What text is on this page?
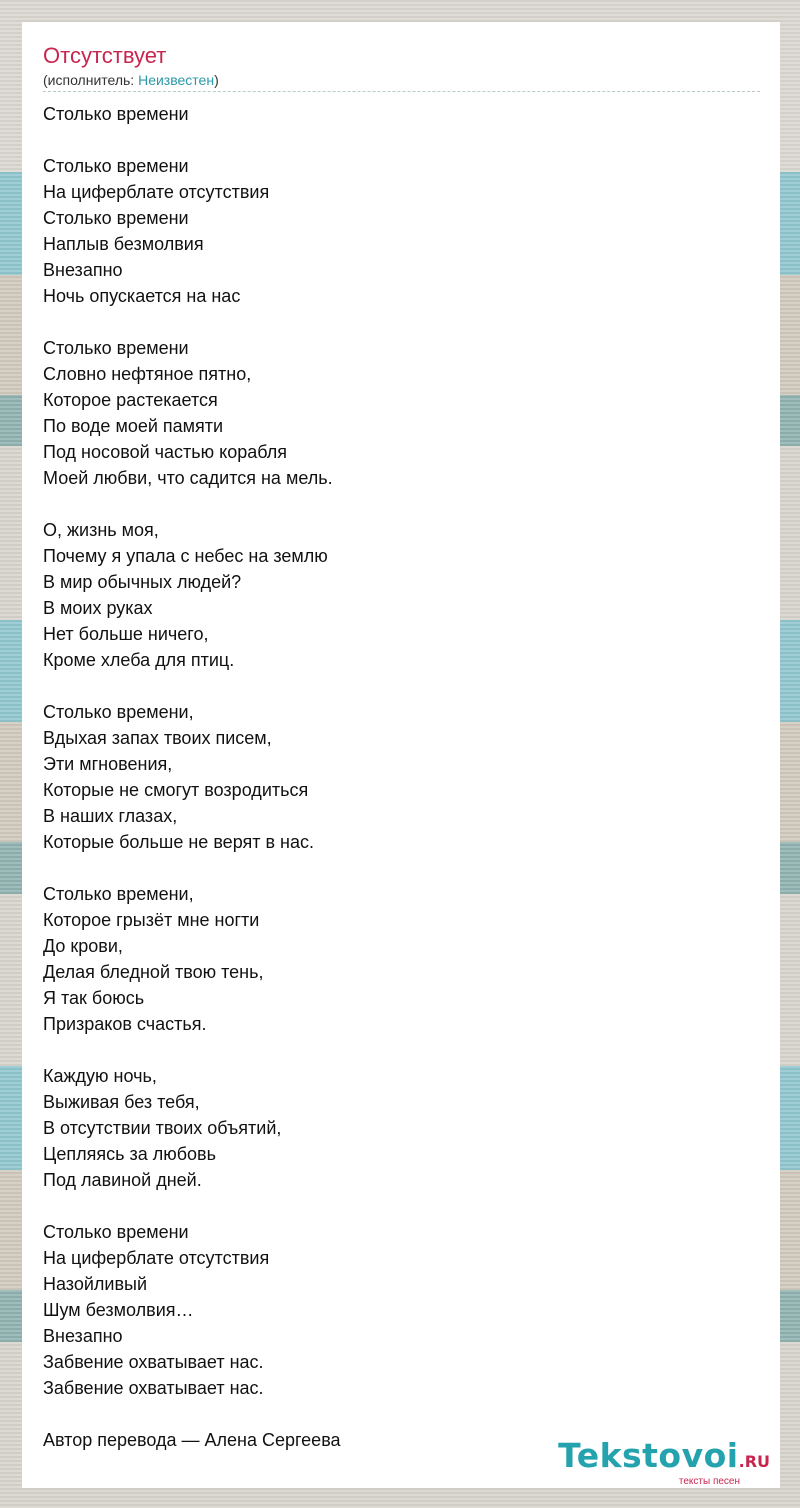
Отсутствует
(исполнитель: Неизвестен)
Столько времени
Столько времени
На циферблате отсутствия
Столько времени
Наплыв безмолвия
Внезапно
Ночь опускается на нас
Столько времени
Словно нефтяное пятно,
Которое растекается
По воде моей памяти
Под носовой частью корабля
Моей любви, что садится на мель.
О, жизнь моя,
Почему я упала с небес на землю
В мир обычных людей?
В моих руках
Нет больше ничего,
Кроме хлеба для птиц.
Столько времени,
Вдыхая запах твоих писем,
Эти мгновения,
Которые не смогут возродиться
В наших глазах,
Которые больше не верят в нас.
Столько времени,
Которое грызёт мне ногти
До крови,
Делая бледной твою тень,
Я так боюсь
Призраков счастья.
Каждую ночь,
Выживая без тебя,
В отсутствии твоих объятий,
Цепляясь за любовь
Под лавиной дней.
Столько времени
На циферблате отсутствия
Назойливый
Шум безмолвия…
Внезапно
Забвение охватывает нас.
Забвение охватывает нас.
Автор перевода — Алена Сергеева	Tekstovoi.RU
тексты песен
